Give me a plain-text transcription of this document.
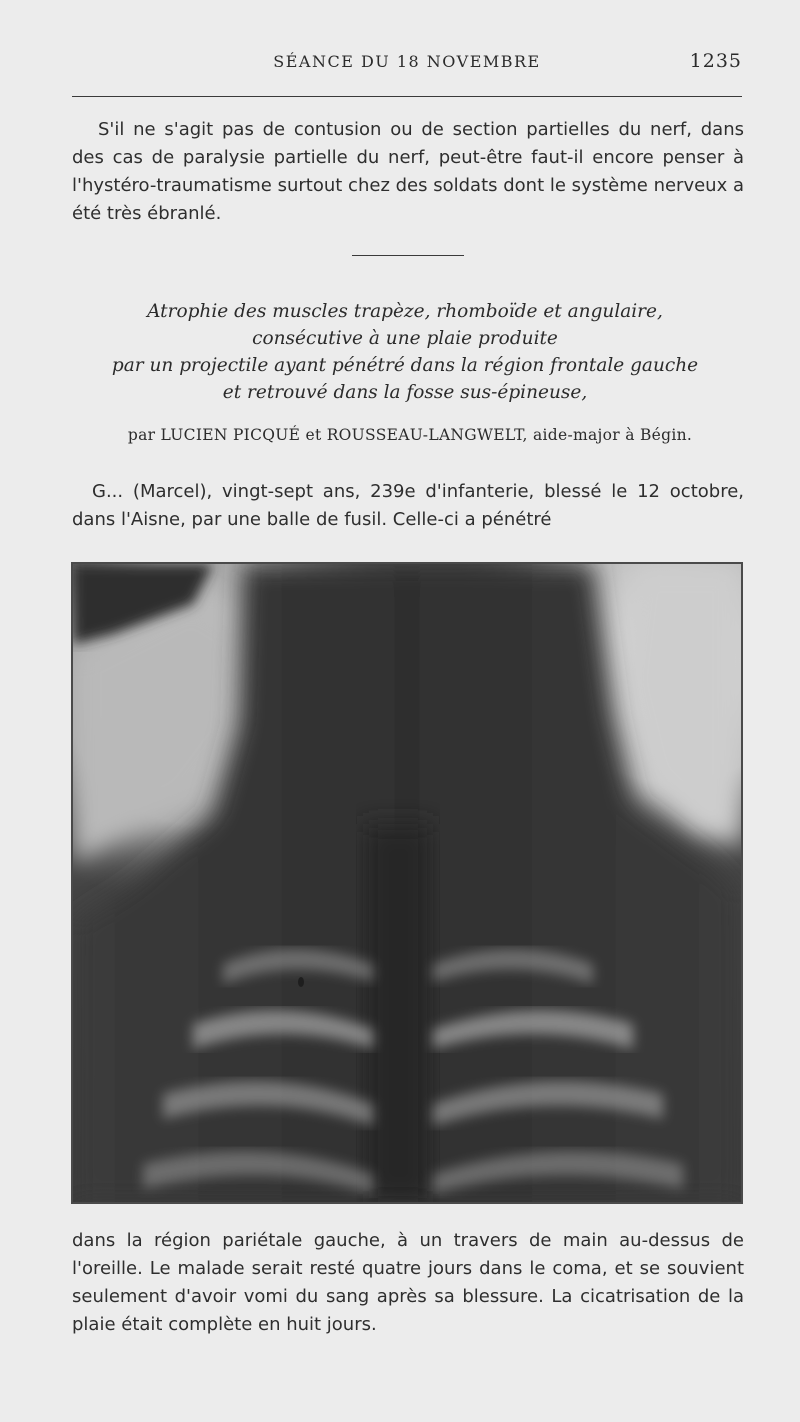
SÉANCE DU 18 NOVEMBRE	1235
S'il ne s'agit pas de contusion ou de section partielles du nerf, dans des cas de paralysie partielle du nerf, peut-être faut-il encore penser à l'hystéro-traumatisme surtout chez des soldats dont le système nerveux a été très ébranlé.
Atrophie des muscles trapèze, rhomboïde et angulaire,
consécutive à une plaie produite
par un projectile ayant pénétré dans la région frontale gauche
et retrouvé dans la fosse sus-épineuse,
par LUCIEN PICQUÉ et ROUSSEAU-LANGWELT, aide-major à Bégin.
G... (Marcel), vingt-sept ans, 239e d'infanterie, blessé le 12 octobre, dans l'Aisne, par une balle de fusil. Celle-ci a pénétré
dans la région pariétale gauche, à un travers de main au-dessus de l'oreille. Le malade serait resté quatre jours dans le coma, et se souvient seulement d'avoir vomi du sang après sa blessure. La cicatrisation de la plaie était complète en huit jours.
